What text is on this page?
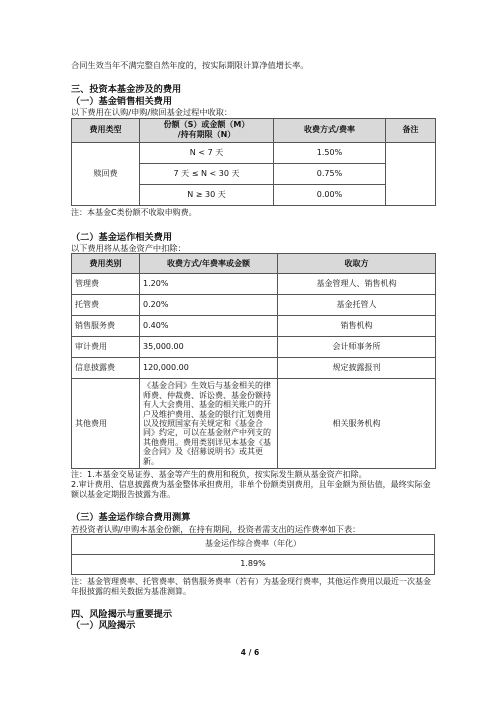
合同生效当年不满完整自然年度的，按实际期限计算净值增长率。

三、投资本基金涉及的费用

（一）基金销售相关费用

以下费用在认购/申购/赎回基金过程中收取：

费用类型	份额（S）或金额（M）
/持有期限（N）	收费方式/费率	备注
赎回费	N < 7 天	1.50%	
	7 天 ≤ N < 30 天	0.75%	
	N ≥ 30 天	0.00%	

注：本基金C类份额不收取申购费。

（二）基金运作相关费用

以下费用将从基金资产中扣除：

费用类别	收费方式/年费率或金额	收取方
管理费	1.20%	基金管理人、销售机构
托管费	0.20%	基金托管人
销售服务费	0.40%	销售机构
审计费用	35,000.00	会计师事务所
信息披露费	120,000.00	规定披露报刊
其他费用	《基金合同》生效后与基金相关的律师费、仲裁费、诉讼费、基金份额持有人大会费用、基金的相关账户的开户及维护费用、基金的银行汇划费用以及按照国家有关规定和《基金合同》约定，可以在基金财产中列支的其他费用。费用类别详见本基金《基金合同》及《招募说明书》或其更新。	相关服务机构

注：1.本基金交易证券、基金等产生的费用和税负，按实际发生额从基金资产扣除。

2.审计费用、信息披露费为基金整体承担费用，非单个份额类别费用，且年金额为预估值，最终实际金额以基金定期报告披露为准。

（三）基金运作综合费用测算

若投资者认购/申购本基金份额，在持有期间，投资者需支出的运作费率如下表：

基金运作综合费率（年化）
1.89%

注：基金管理费率、托管费率、销售服务费率（若有）为基金现行费率，其他运作费用以最近一次基金年报披露的相关数据为基准测算。

四、风险揭示与重要提示

（一）风险揭示

4 / 6
